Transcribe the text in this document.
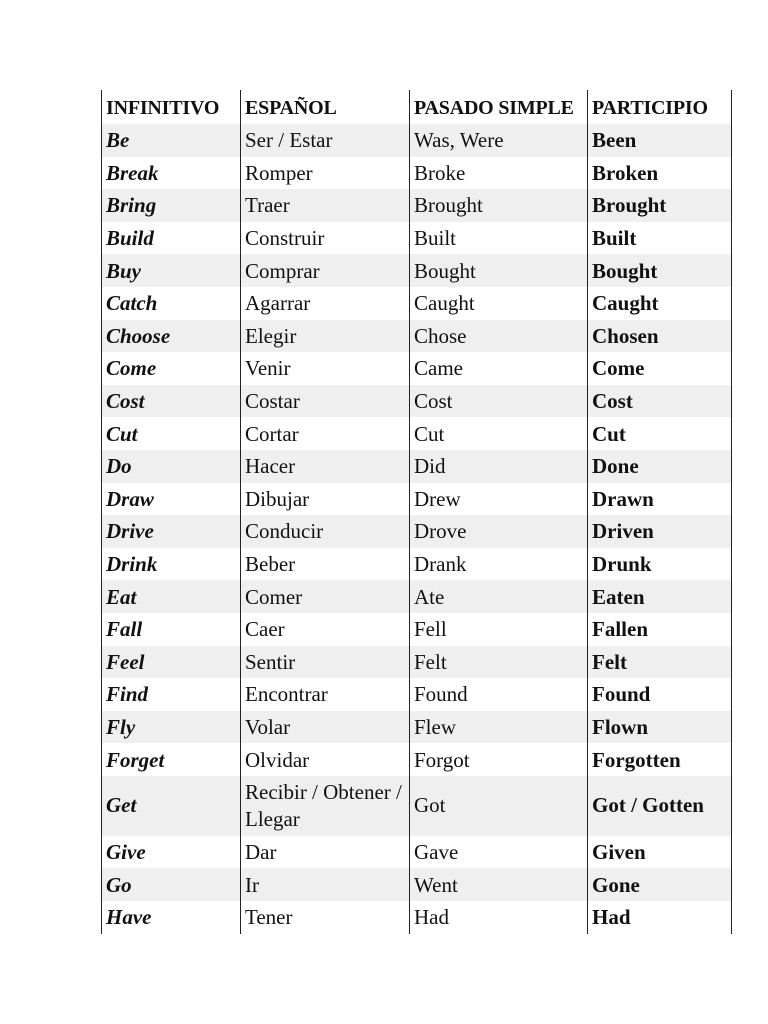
INFINITIVO	ESPAÑOL	PASADO SIMPLE	PARTICIPIO
Be	Ser / Estar	Was, Were	Been
Break	Romper	Broke	Broken
Bring	Traer	Brought	Brought
Build	Construir	Built	Built
Buy	Comprar	Bought	Bought
Catch	Agarrar	Caught	Caught
Choose	Elegir	Chose	Chosen
Come	Venir	Came	Come
Cost	Costar	Cost	Cost
Cut	Cortar	Cut	Cut
Do	Hacer	Did	Done
Draw	Dibujar	Drew	Drawn
Drive	Conducir	Drove	Driven
Drink	Beber	Drank	Drunk
Eat	Comer	Ate	Eaten
Fall	Caer	Fell	Fallen
Feel	Sentir	Felt	Felt
Find	Encontrar	Found	Found
Fly	Volar	Flew	Flown
Forget	Olvidar	Forgot	Forgotten
Get	Recibir / Obtener / Llegar	Got	Got / Gotten
Give	Dar	Gave	Given
Go	Ir	Went	Gone
Have	Tener	Had	Had
